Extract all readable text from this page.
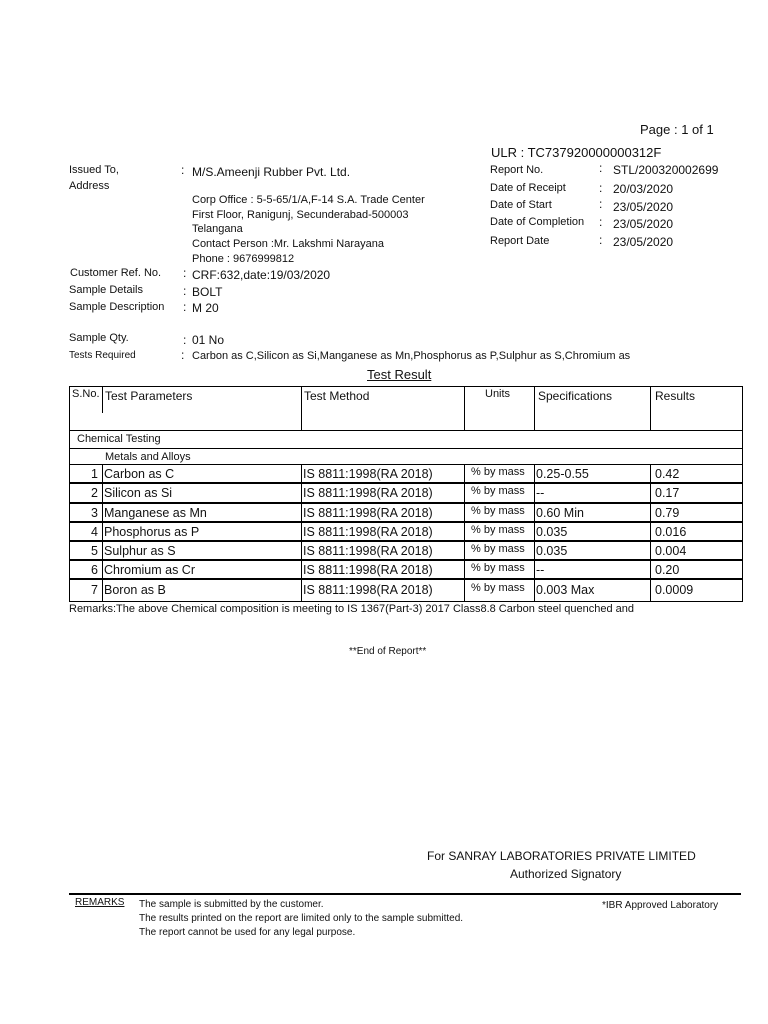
Page : 1 of 1
ULR : TC737920000000312F
Issued To,	: M/S.Ameenji Rubber Pvt. Ltd.
Address
Corp Office : 5-5-65/1/A,F-14 S.A. Trade Center
First Floor, Ranigunj, Secunderabad-500003
Telangana
Contact Person :Mr. Lakshmi Narayana
Phone : 9676999812
Customer Ref. No. : CRF:632,date:19/03/2020
Sample Details	: BOLT
Sample Description : M 20
Sample Qty.	: 01 No
Tests Required	: Carbon as C,Silicon as Si,Manganese as Mn,Phosphorus as P,Sulphur as S,Chromium as
Report No.	: STL/200320002699
Date of Receipt	: 20/03/2020
Date of Start	: 23/05/2020
Date of Completion : 23/05/2020
Report Date	: 23/05/2020
Test Result
S.No. Test Parameters	Test Method	Units Specifications	Results
Chemical Testing
Metals and Alloys
1 Carbon as C	IS 8811:1998(RA 2018)	% by mass 0.25-0.55	0.42
2 Silicon as Si	IS 8811:1998(RA 2018)	% by mass --	0.17
3 Manganese as Mn	IS 8811:1998(RA 2018)	% by mass 0.60 Min	0.79
4 Phosphorus as P	IS 8811:1998(RA 2018)	% by mass 0.035	0.016
5 Sulphur as S	IS 8811:1998(RA 2018)	% by mass 0.035	0.004
6 Chromium as Cr	IS 8811:1998(RA 2018)	% by mass --	0.20
7 Boron as B	IS 8811:1998(RA 2018)	% by mass 0.003 Max	0.0009
Remarks:The above Chemical composition is meeting to IS 1367(Part-3) 2017 Class8.8 Carbon steel quenched and
**End of Report**
For SANRAY LABORATORIES PRIVATE LIMITED
Authorized Signatory
REMARKS The sample is submitted by the customer.
The results printed on the report are limited only to the sample submitted.
The report cannot be used for any legal purpose.
*IBR Approved Laboratory
